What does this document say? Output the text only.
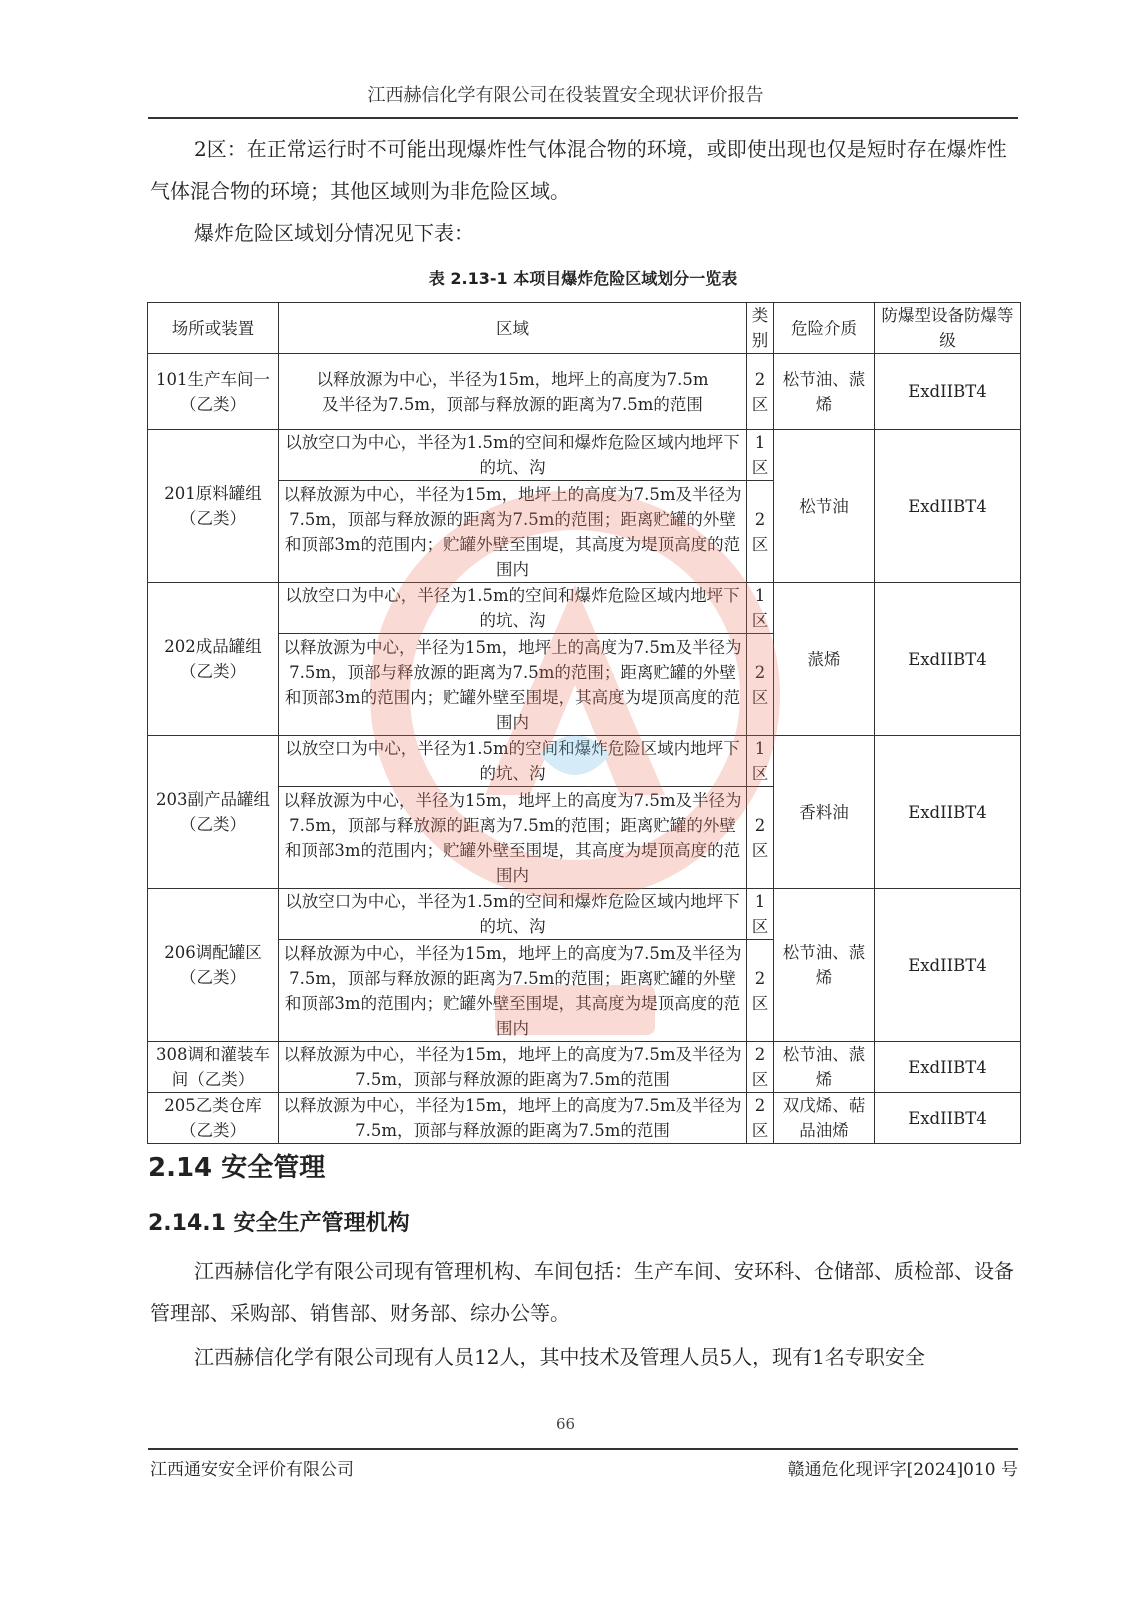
江西赫信化学有限公司在役装置安全现状评价报告

2区：在正常运行时不可能出现爆炸性气体混合物的环境，或即使出现也仅是短时存在爆炸性气体混合物的环境；其他区域则为非危险区域。

爆炸危险区域划分情况见下表：

表 2.13-1 本项目爆炸危险区域划分一览表
场所或装置	区域	类别	危险介质	防爆型设备防爆等级
101生产车间一（乙类）	以释放源为中心，半径为15m，地坪上的高度为7.5m及半径为7.5m，顶部与释放源的距离为7.5m的范围	2区	松节油、蒎烯	ExdIIBT4
201原料罐组（乙类）	以放空口为中心，半径为1.5m的空间和爆炸危险区域内地坪下的坑、沟	1区	松节油	ExdIIBT4
	以释放源为中心，半径为15m，地坪上的高度为7.5m及半径为7.5m，顶部与释放源的距离为7.5m的范围；距离贮罐的外壁和顶部3m的范围内；贮罐外壁至围堤，其高度为堤顶高度的范围内	2区		
202成品罐组（乙类）	以放空口为中心，半径为1.5m的空间和爆炸危险区域内地坪下的坑、沟	1区	蒎烯	ExdIIBT4
	以释放源为中心，半径为15m，地坪上的高度为7.5m及半径为7.5m，顶部与释放源的距离为7.5m的范围；距离贮罐的外壁和顶部3m的范围内；贮罐外壁至围堤，其高度为堤顶高度的范围内	2区		
203副产品罐组（乙类）	以放空口为中心，半径为1.5m的空间和爆炸危险区域内地坪下的坑、沟	1区	香料油	ExdIIBT4
	以释放源为中心，半径为15m，地坪上的高度为7.5m及半径为7.5m，顶部与释放源的距离为7.5m的范围；距离贮罐的外壁和顶部3m的范围内；贮罐外壁至围堤，其高度为堤顶高度的范围内	2区		
206调配罐区（乙类）	以放空口为中心，半径为1.5m的空间和爆炸危险区域内地坪下的坑、沟	1区	松节油、蒎烯	ExdIIBT4
	以释放源为中心，半径为15m，地坪上的高度为7.5m及半径为7.5m，顶部与释放源的距离为7.5m的范围；距离贮罐的外壁和顶部3m的范围内；贮罐外壁至围堤，其高度为堤顶高度的范围内	2区		
308调和灌装车间（乙类）	以释放源为中心，半径为15m，地坪上的高度为7.5m及半径为7.5m，顶部与释放源的距离为7.5m的范围	2区	松节油、蒎烯	ExdIIBT4
205乙类仓库（乙类）	以释放源为中心，半径为15m，地坪上的高度为7.5m及半径为7.5m，顶部与释放源的距离为7.5m的范围	2区	双戊烯、萜品油烯	ExdIIBT4
2.14 安全管理
2.14.1 安全生产管理机构

江西赫信化学有限公司现有管理机构、车间包括：生产车间、安环科、仓储部、质检部、设备管理部、采购部、销售部、财务部、综办公等。

江西赫信化学有限公司现有人员12人，其中技术及管理人员5人，现有1名专职安全

66
江西通安安全评价有限公司	赣通危化现评字[2024]010 号
